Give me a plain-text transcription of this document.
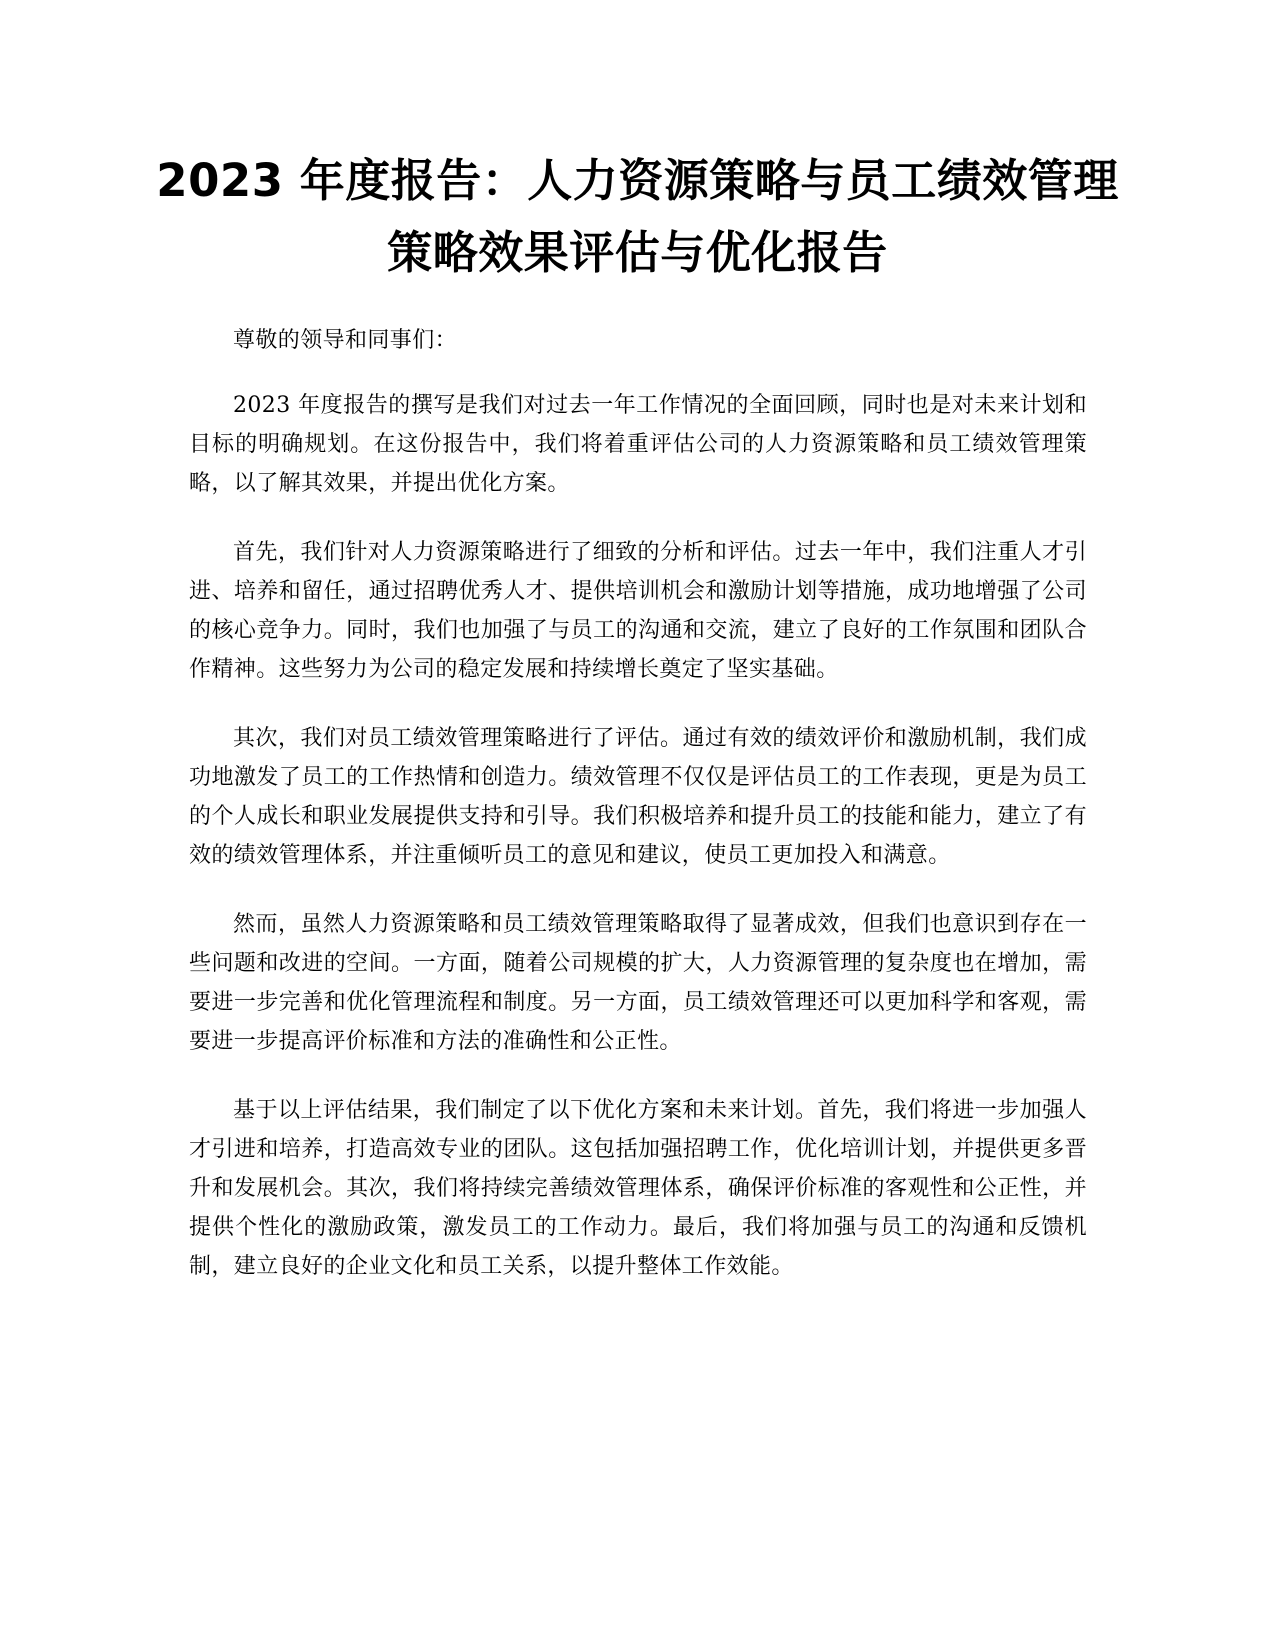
2023 年度报告：人力资源策略与员工绩效管理策略效果评估与优化报告

尊敬的领导和同事们：

2023 年度报告的撰写是我们对过去一年工作情况的全面回顾，同时也是对未来计划和目标的明确规划。在这份报告中，我们将着重评估公司的人力资源策略和员工绩效管理策略，以了解其效果，并提出优化方案。

首先，我们针对人力资源策略进行了细致的分析和评估。过去一年中，我们注重人才引进、培养和留任，通过招聘优秀人才、提供培训机会和激励计划等措施，成功地增强了公司的核心竞争力。同时，我们也加强了与员工的沟通和交流，建立了良好的工作氛围和团队合作精神。这些努力为公司的稳定发展和持续增长奠定了坚实基础。

其次，我们对员工绩效管理策略进行了评估。通过有效的绩效评价和激励机制，我们成功地激发了员工的工作热情和创造力。绩效管理不仅仅是评估员工的工作表现，更是为员工的个人成长和职业发展提供支持和引导。我们积极培养和提升员工的技能和能力，建立了有效的绩效管理体系，并注重倾听员工的意见和建议，使员工更加投入和满意。

然而，虽然人力资源策略和员工绩效管理策略取得了显著成效，但我们也意识到存在一些问题和改进的空间。一方面，随着公司规模的扩大，人力资源管理的复杂度也在增加，需要进一步完善和优化管理流程和制度。另一方面，员工绩效管理还可以更加科学和客观，需要进一步提高评价标准和方法的准确性和公正性。

基于以上评估结果，我们制定了以下优化方案和未来计划。首先，我们将进一步加强人才引进和培养，打造高效专业的团队。这包括加强招聘工作，优化培训计划，并提供更多晋升和发展机会。其次，我们将持续完善绩效管理体系，确保评价标准的客观性和公正性，并提供个性化的激励政策，激发员工的工作动力。最后，我们将加强与员工的沟通和反馈机制，建立良好的企业文化和员工关系，以提升整体工作效能。
